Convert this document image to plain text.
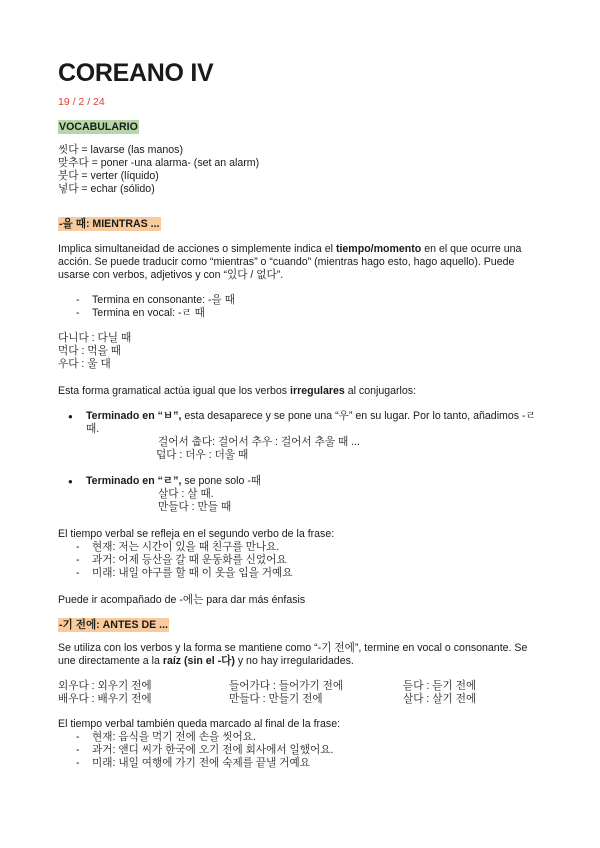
COREANO IV

19 / 2 / 24

VOCABULARIO

씻다 = lavarse (las manos)

맞추다 = poner -una alarma- (set an alarm)

붓다 = verter (líquido)

넣다 = echar (sólido)

-을 때: MIENTRAS ...

Implica simultaneidad de acciones o simplemente indica el tiempo/momento en el que ocurre una acción. Se puede traducir como “mientras” o “cuando” (mientras hago esto, hago aquello). Puede usarse con verbos, adjetivos y con “있다 / 없다”.

- Termina en consonante: -을 때
- Termina en vocal: -ㄹ 때

다니다 : 다닐 때

먹다 : 먹을 때

우다 : 울 대

Esta forma gramatical actúa igual que los verbos irregulares al conjugarlos:

● Terminado en “ㅂ”, esta desaparece y se pone una “우” en su lugar. Por lo tanto, añadimos -ㄹ 때.
걸어서 춥다: 걸어서 추우 : 걸어서 추울 때 ...
덥다 : 더우 : 더울 때
● Terminado en “ㄹ”, se pone solo -때
살다 : 살 때.
만들다 : 만들 때

El tiempo verbal se refleja en el segundo verbo de la frase:

- 현재: 저는 시간이 있을 때 친구를 만나요.
- 과거: 어제 등산을 갈 때 운동화를 신었어요
- 미래: 내일 야구를 할 때 이 옷을 입을 거예요

Puede ir acompañado de -에는 para dar más énfasis

-기 전에: ANTES DE ...

Se utiliza con los verbos y la forma se mantiene como “-기 전에”, termine en vocal o consonante. Se une directamente a la raíz (sin el -다) y no hay irregularidades.

외우다 : 외우기 전에	들어가다 : 들어가기 전에	듣다 : 듣기 전에
배우다 : 배우기 전에	만들다 : 만들기 전에	살다 : 살기 전에

El tiempo verbal también queda marcado al final de la frase:

- 현재: 음식을 먹기 전에 손을 씻어요.
- 과거: 앤디 씨가 한국에 오기 전에 회사에서 일했어요.
- 미래: 내일 여행에 가기 전에 숙제를 끝낼 거예요
